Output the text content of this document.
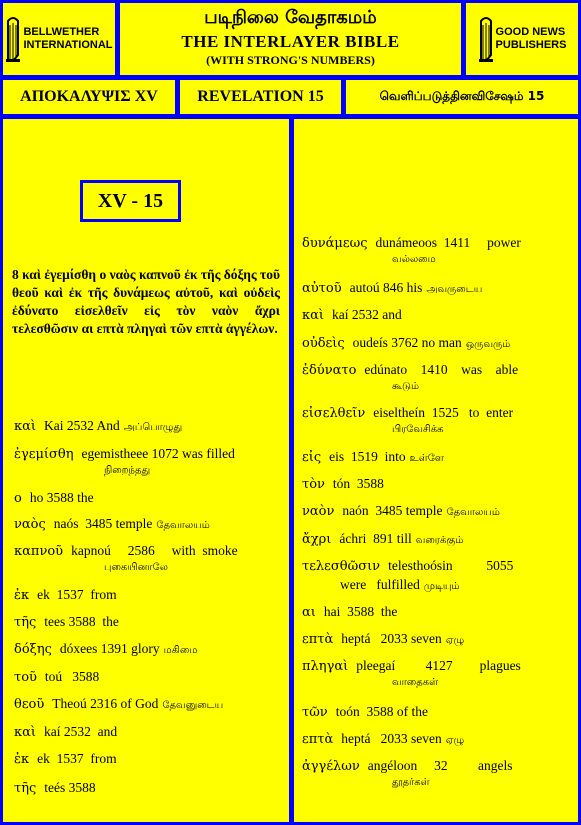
BELLWETHER
INTERNATIONAL
படிநிலை வேதாகமம்
THE INTERLAYER BIBLE
(WITH STRONG'S NUMBERS)
GOOD NEWS
PUBLISHERS
ΑΠΟΚΑΛΥΨΙΣ XV REVELATION 15	வெளிப்படுத்தினவிசேஷம் 15
XV - 15
8 καὶ ἐγεμίσθη ο ναὸς καπνοῦ ἐκ τῆς δόξης τοῦ θεοῦ καὶ ἐκ τῆς δυνάμεως αὐτοῦ, καὶ οὐδεὶς ἐδύνατο εἰσελθεῖν εἰς τὸν ναὸν ἄχρι τελεσθῶσιν αι επτὰ πληγαὶ τῶν επτὰ ἀγγέλων.
καὶ Kai 2532 And அப்பொழுது
ἐγεμίσθη egemistheee 1072 was filled
நிறைந்தது
ο ho 3588 the
ναὸς naós  3485 temple தேவாலயம்
καπνοῦ kapnoú     2586     with  smoke
புகையினாலே
ἐκ ek  1537  from
τῆς tees 3588  the
δόξης dóxees 1391 glory மகிமை
τοῦ toú   3588
θεοῦ Theoú 2316 of God தேவனுடைய
καὶ kaí 2532  and
ἐκ ek  1537  from
τῆς teés 3588
δυνάμεως dunámeoos  1411     power
வல்லமை
αὐτοῦ autoú 846 his அவருடைய
καὶ kaí 2532 and
οὐδεὶς oudeís 3762 no man ஒருவரும்
ἐδύνατο edúnato    1410    was    able
கூடும்
εἰσελθεῖν eiseltheín  1525   to  enter
பிரவேசிக்க
εἰς eis  1519  into உள்ளே
τὸν tón  3588
ναὸν naón  3485 temple தேவாலயம்
ἄχρι áchri  891 till வரைக்கும்
τελεσθῶσιν telesthoósin          5055
were   fulfilled முடியும்
αι hai  3588  the
επτὰ heptá   2033 seven ஏழு
πληγαὶ pleegaí         4127        plagues
வாதைகள்
τῶν toón  3588 of the
επτὰ heptá   2033 seven ஏழு
ἀγγέλων angéloon     32         angels
தூதர்கள்
